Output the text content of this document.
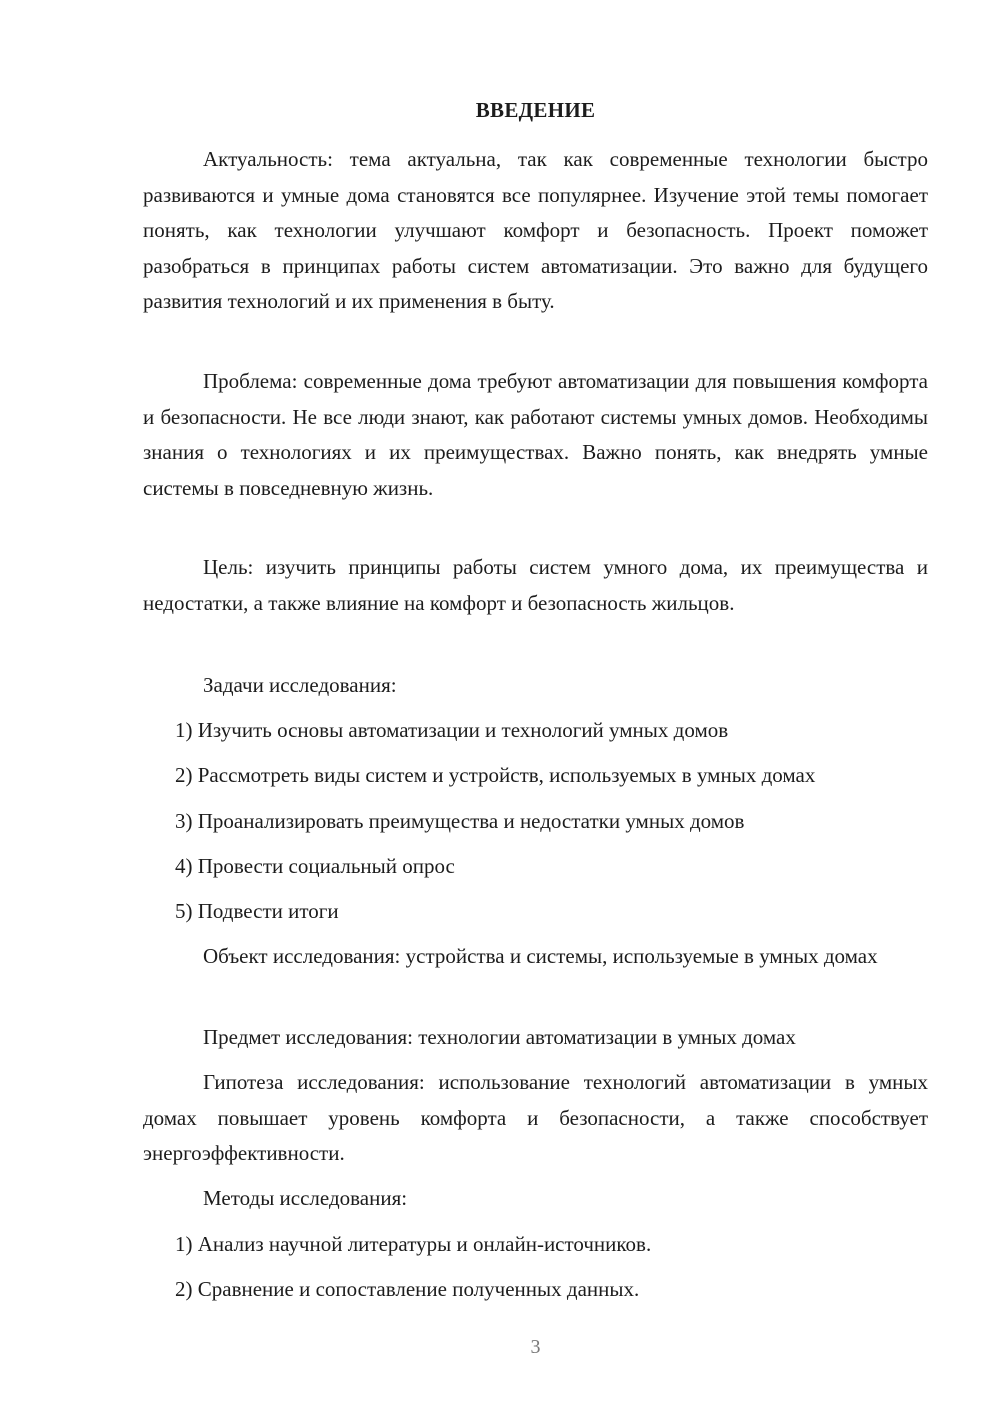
ВВЕДЕНИЕ
Актуальность: тема актуальна, так как современные технологии быстро развиваются и умные дома становятся все популярнее. Изучение этой темы помогает понять, как технологии улучшают комфорт и безопасность. Проект поможет разобраться в принципах работы систем автоматизации. Это важно для будущего развития технологий и их применения в быту.
Проблема: современные дома требуют автоматизации для повышения комфорта и безопасности. Не все люди знают, как работают системы умных домов. Необходимы знания о технологиях и их преимуществах. Важно понять, как внедрять умные системы в повседневную жизнь.
Цель: изучить принципы работы систем умного дома, их преимущества и недостатки, а также влияние на комфорт и безопасность жильцов.
Задачи исследования:
1) Изучить основы автоматизации и технологий умных домов
2) Рассмотреть виды систем и устройств, используемых в умных домах
3) Проанализировать преимущества и недостатки умных домов
4) Провести социальный опрос
5) Подвести итоги
Объект исследования: устройства и системы, используемые в умных домах
Предмет исследования: технологии автоматизации в умных домах
Гипотеза исследования: использование технологий автоматизации в умных домах повышает уровень комфорта и безопасности, а также способствует энергоэффективности.
Методы исследования:
1) Анализ научной литературы и онлайн-источников.
2) Сравнение и сопоставление полученных данных.
3
